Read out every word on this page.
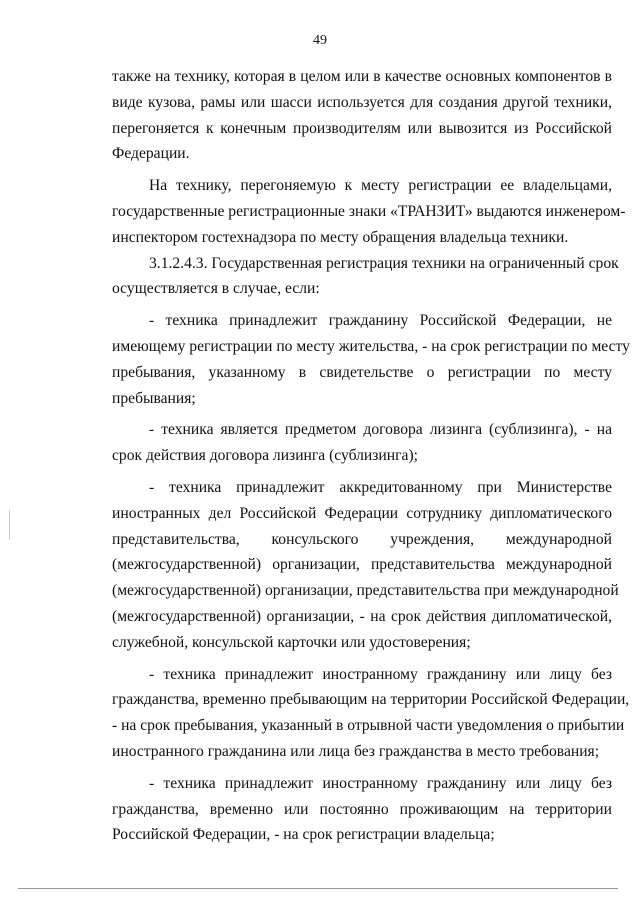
49
также на технику, которая в целом или в качестве основных компонентов в
виде кузова, рамы или шасси используется для создания другой техники,
перегоняется к конечным производителям или вывозится из Российской
Федерации.
На технику, перегоняемую к месту регистрации ее владельцами,
государственные регистрационные знаки «ТРАНЗИТ» выдаются инженером-
инспектором гостехнадзора по месту обращения владельца техники.
3.1.2.4.3. Государственная регистрация техники на ограниченный срок
осуществляется в случае, если:
- техника принадлежит гражданину Российской Федерации, не
имеющему регистрации по месту жительства, - на срок регистрации по месту
пребывания, указанному в свидетельстве о регистрации по месту
пребывания;
- техника является предметом договора лизинга (сублизинга), - на
срок действия договора лизинга (сублизинга);
- техника принадлежит аккредитованному при Министерстве
иностранных дел Российской Федерации сотруднику дипломатического
представительства, консульского учреждения, международной
(межгосударственной) организации, представительства международной
(межгосударственной) организации, представительства при международной
(межгосударственной) организации, - на срок действия дипломатической,
служебной, консульской карточки или удостоверения;
- техника принадлежит иностранному гражданину или лицу без
гражданства, временно пребывающим на территории Российской Федерации,
- на срок пребывания, указанный в отрывной части уведомления о прибытии
иностранного гражданина или лица без гражданства в место требования;
- техника принадлежит иностранному гражданину или лицу без
гражданства, временно или постоянно проживающим на территории
Российской Федерации, - на срок регистрации владельца;
